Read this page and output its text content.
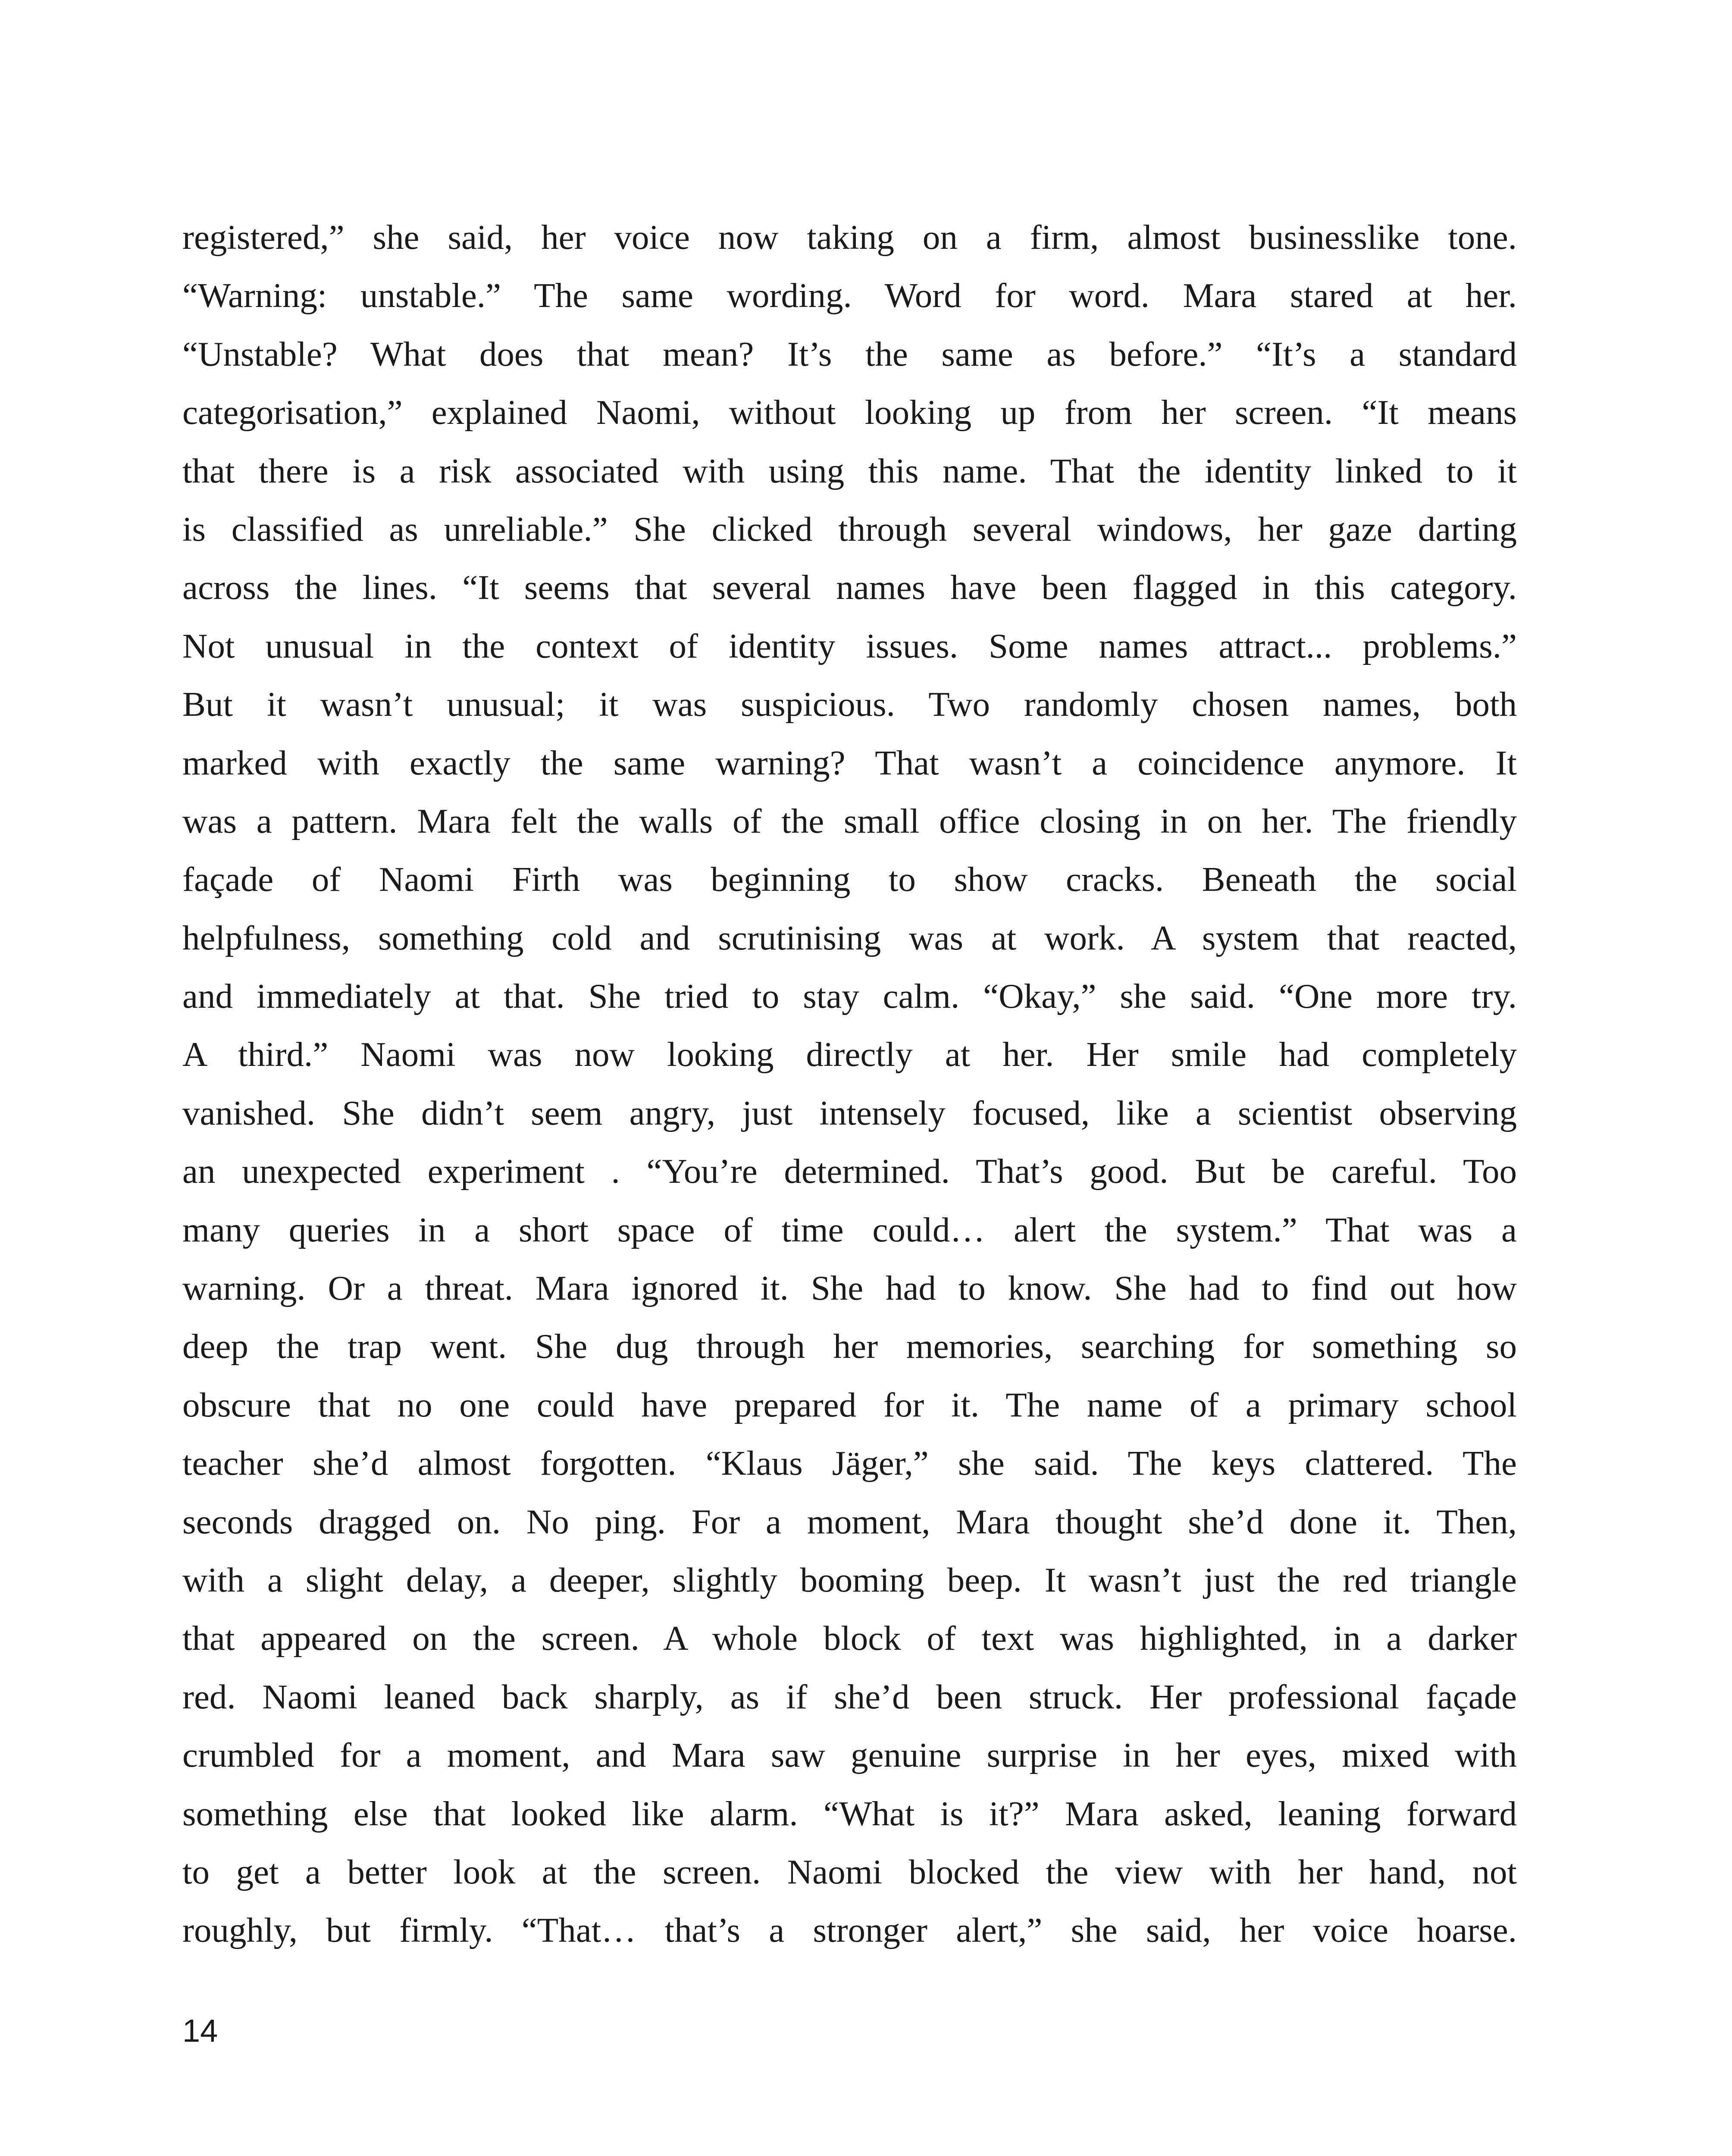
registered,” she said, her voice now taking on a firm, almost businesslike tone.
“Warning: unstable.” The same wording. Word for word. Mara stared at her.
“Unstable? What does that mean? It’s the same as before.” “It’s a standard
categorisation,” explained Naomi, without looking up from her screen. “It means
that there is a risk associated with using this name. That the identity linked to it
is classified as unreliable.” She clicked through several windows, her gaze darting
across the lines. “It seems that several names have been flagged in this category.
Not unusual in the context of identity issues. Some names attract... problems.”
But it wasn’t unusual; it was suspicious. Two randomly chosen names, both
marked with exactly the same warning? That wasn’t a coincidence anymore. It
was a pattern. Mara felt the walls of the small office closing in on her. The friendly
façade of Naomi Firth was beginning to show cracks. Beneath the social
helpfulness, something cold and scrutinising was at work. A system that reacted,
and immediately at that. She tried to stay calm. “Okay,” she said. “One more try.
A third.” Naomi was now looking directly at her. Her smile had completely
vanished. She didn’t seem angry, just intensely focused, like a scientist observing
an unexpected experiment . “You’re determined. That’s good. But be careful. Too
many queries in a short space of time could… alert the system.” That was a
warning. Or a threat. Mara ignored it. She had to know. She had to find out how
deep the trap went. She dug through her memories, searching for something so
obscure that no one could have prepared for it. The name of a primary school
teacher she’d almost forgotten. “Klaus Jäger,” she said. The keys clattered. The
seconds dragged on. No ping. For a moment, Mara thought she’d done it. Then,
with a slight delay, a deeper, slightly booming beep. It wasn’t just the red triangle
that appeared on the screen. A whole block of text was highlighted, in a darker
red. Naomi leaned back sharply, as if she’d been struck. Her professional façade
crumbled for a moment, and Mara saw genuine surprise in her eyes, mixed with
something else that looked like alarm. “What is it?” Mara asked, leaning forward
to get a better look at the screen. Naomi blocked the view with her hand, not
roughly, but firmly. “That… that’s a stronger alert,” she said, her voice hoarse.
14
